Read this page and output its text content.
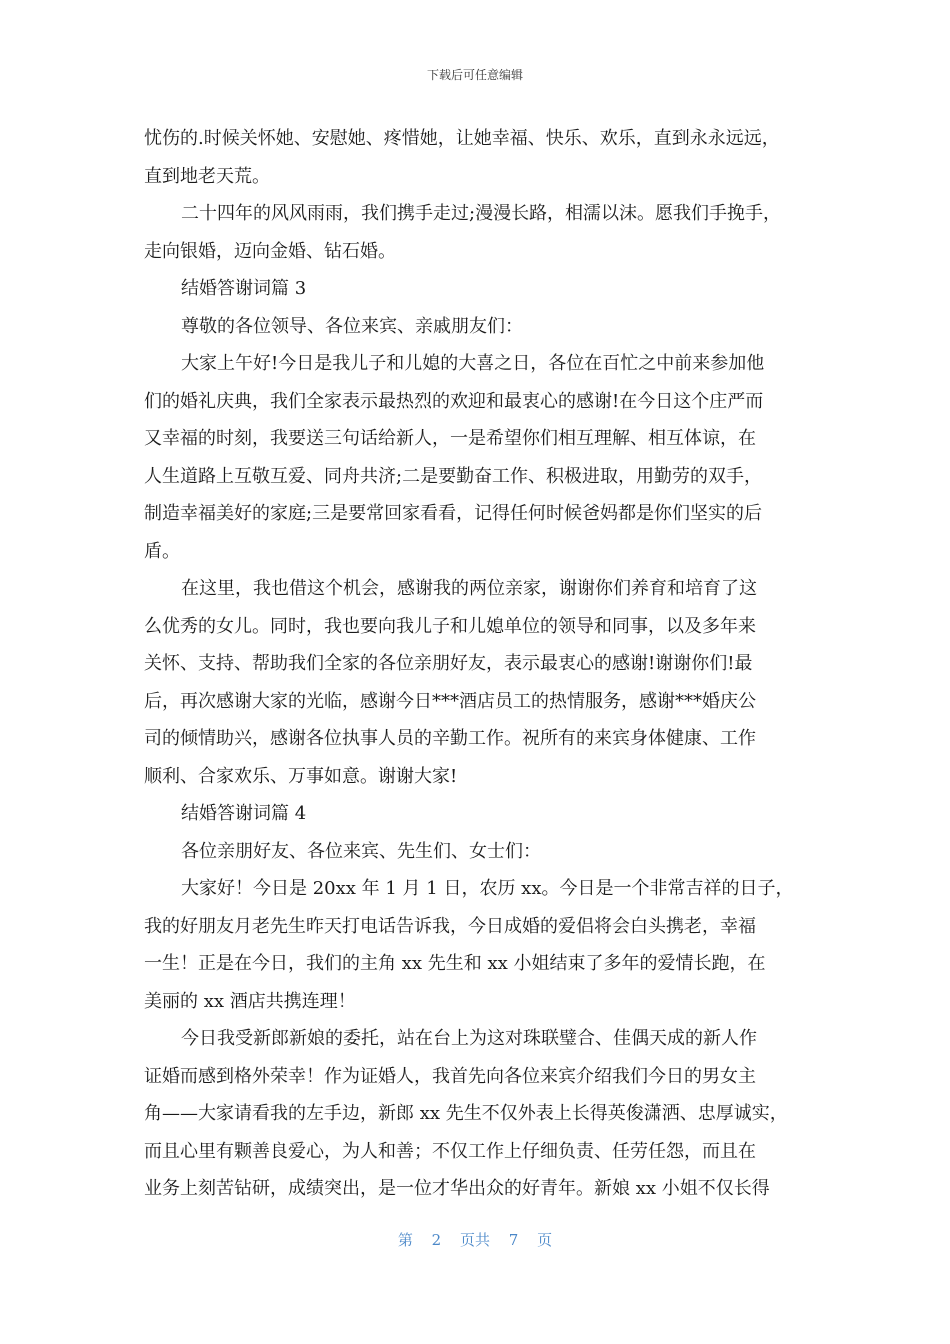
下载后可任意编辑
忧伤的.时候关怀她、安慰她、疼惜她，让她幸福、快乐、欢乐，直到永永远远，
直到地老天荒。
二十四年的风风雨雨，我们携手走过;漫漫长路，相濡以沫。愿我们手挽手，
走向银婚，迈向金婚、钻石婚。
结婚答谢词篇 3
尊敬的各位领导、各位来宾、亲戚朋友们：
大家上午好!今日是我儿子和儿媳的大喜之日，各位在百忙之中前来参加他
们的婚礼庆典，我们全家表示最热烈的欢迎和最衷心的感谢!在今日这个庄严而
又幸福的时刻，我要送三句话给新人，一是希望你们相互理解、相互体谅，在
人生道路上互敬互爱、同舟共济;二是要勤奋工作、积极进取，用勤劳的双手，
制造幸福美好的家庭;三是要常回家看看，记得任何时候爸妈都是你们坚实的后
盾。
在这里，我也借这个机会，感谢我的两位亲家，谢谢你们养育和培育了这
么优秀的女儿。同时，我也要向我儿子和儿媳单位的领导和同事，以及多年来
关怀、支持、帮助我们全家的各位亲朋好友，表示最衷心的感谢!谢谢你们!最
后，再次感谢大家的光临，感谢今日***酒店员工的热情服务，感谢***婚庆公
司的倾情助兴，感谢各位执事人员的辛勤工作。祝所有的来宾身体健康、工作
顺利、合家欢乐、万事如意。谢谢大家!
结婚答谢词篇 4
各位亲朋好友、各位来宾、先生们、女士们：
大家好！今日是 20xx 年 1 月 1 日，农历 xx。今日是一个非常吉祥的日子，
我的好朋友月老先生昨天打电话告诉我，今日成婚的爱侣将会白头携老，幸福
一生！正是在今日，我们的主角 xx 先生和 xx 小姐结束了多年的爱情长跑，在
美丽的 xx 酒店共携连理！
今日我受新郎新娘的委托，站在台上为这对珠联璧合、佳偶天成的新人作
证婚而感到格外荣幸！作为证婚人，我首先向各位来宾介绍我们今日的男女主
角——大家请看我的左手边，新郎 xx 先生不仅外表上长得英俊潇洒、忠厚诚实，
而且心里有颗善良爱心，为人和善；不仅工作上仔细负责、任劳任怨，而且在
业务上刻苦钻研，成绩突出，是一位才华出众的好青年。新娘 xx 小姐不仅长得
第 2 页共 7 页
